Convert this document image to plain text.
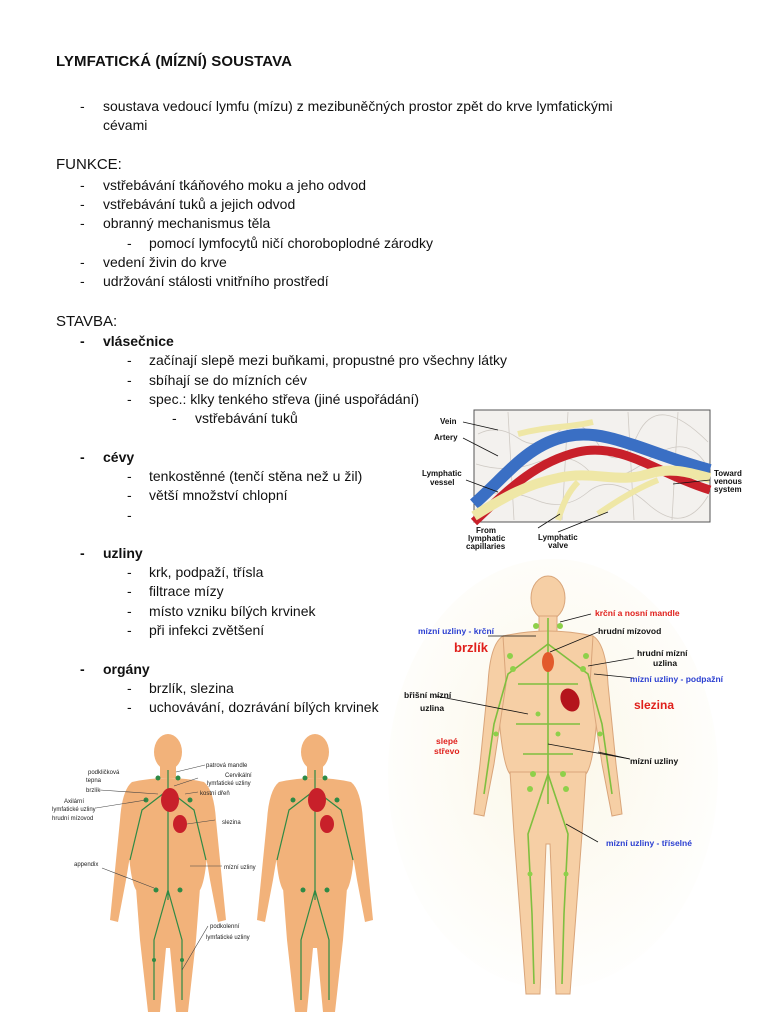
LYMFATICKÁ (MÍZNÍ) SOUSTAVA
- soustava vedoucí lymfu (mízu) z mezibuněčných prostor zpět do krve lymfatickými
cévami
FUNKCE:
- vstřebávání tkáňového moku a jeho odvod
- vstřebávání tuků a jejich odvod
- obranný mechanismus těla
- pomocí lymfocytů ničí choroboplodné zárodky
- vedení živin do krve
- udržování stálosti vnitřního prostředí
STAVBA:
- vlásečnice
- začínají slepě mezi buňkami, propustné pro všechny látky
- sbíhají se do mízních cév
- spec.: klky tenkého střeva (jiné uspořádání)
- vstřebávání tuků
- cévy
- tenkostěnné (tenčí stěna než u žil)
- větší množství chlopní
-
- uzliny
- krk, podpaží, třísla
- filtrace mízy
- místo vzniku bílých krvinek
- při infekci zvětšení
- orgány
- brzlík, slezina
- uchovávání, dozrávání bílých krvinek
Vein
Artery
Lymphatic
vessel
Toward
venous
system
From
lymphatic
capillaries
Lymphatic
valve
krční a nosní mandle
mízní uzliny - krční	hrudní mízovod
hrudní mízní
uzlina
mízní uzliny - podpažní
břišní mízní
uzlina
slepé
střevo
mízní uzliny
mízní uzliny - tříselné
brzlík
slezina
patrová mandle
Cervikální
lymfatické uzliny
kostní dřeň
slezina
mízní uzliny
podkolenní
lymfatické uzliny
podkličková
tepna
brzlík
Axilární
lymfatické uzliny
hrudní mízovod
appendix
